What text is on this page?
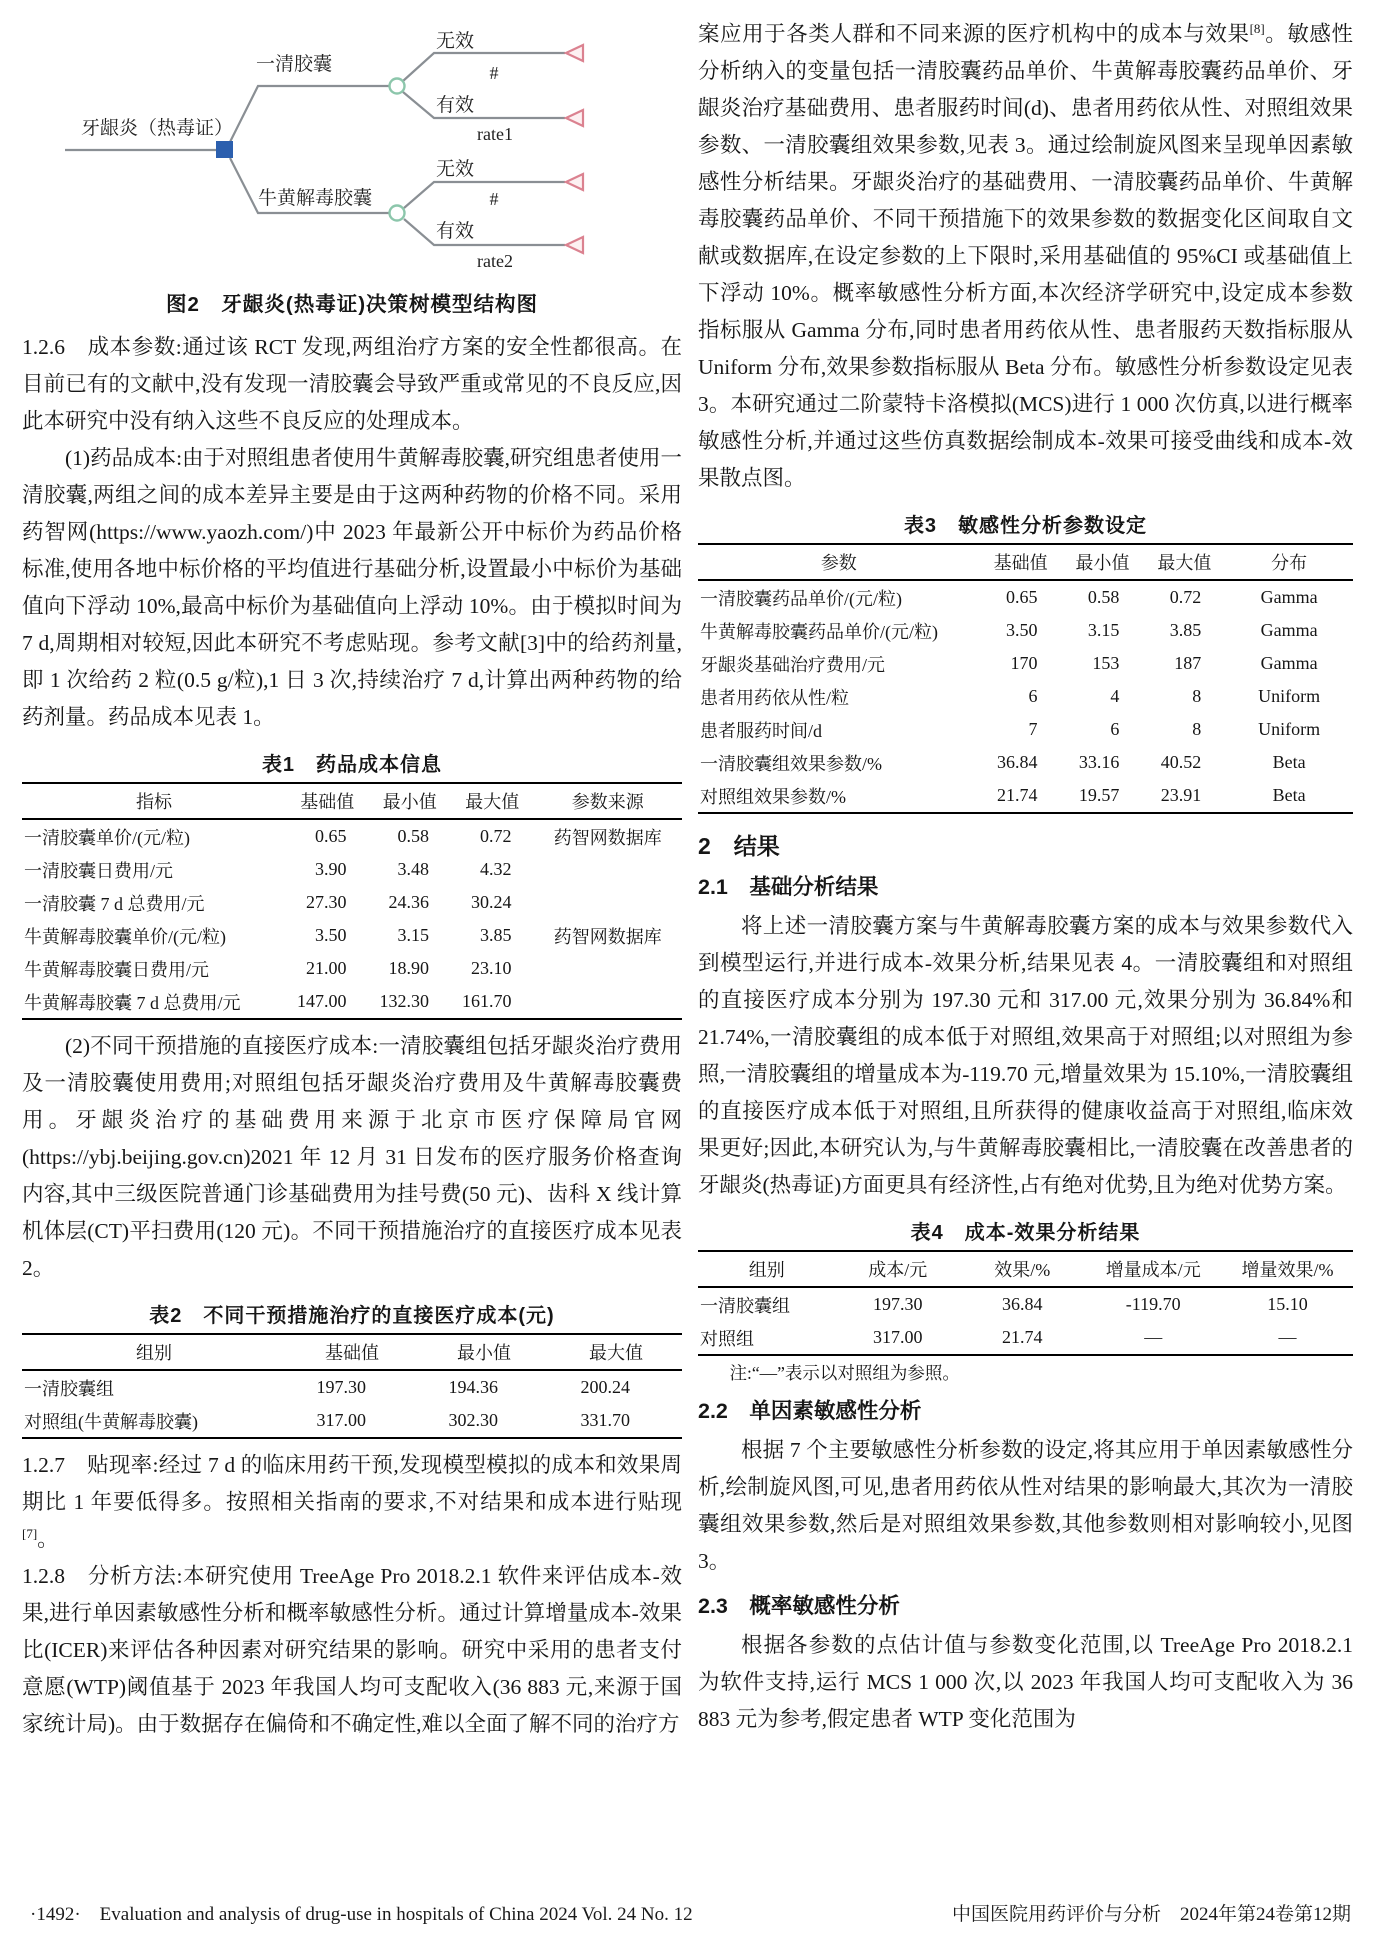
牙龈炎（热毒证）
一清胶囊
牛黄解毒胶囊
无效
有效
#
rate1
无效
有效
#
rate2
图2　牙龈炎(热毒证)决策树模型结构图

1.2.6　成本参数:通过该 RCT 发现,两组治疗方案的安全性都很高。在目前已有的文献中,没有发现一清胶囊会导致严重或常见的不良反应,因此本研究中没有纳入这些不良反应的处理成本。

(1)药品成本:由于对照组患者使用牛黄解毒胶囊,研究组患者使用一清胶囊,两组之间的成本差异主要是由于这两种药物的价格不同。采用药智网(https://www.yaozh.com/)中 2023 年最新公开中标价为药品价格标准,使用各地中标价格的平均值进行基础分析,设置最小中标价为基础值向下浮动 10%,最高中标价为基础值向上浮动 10%。由于模拟时间为 7 d,周期相对较短,因此本研究不考虑贴现。参考文献[3]中的给药剂量,即 1 次给药 2 粒(0.5 g/粒),1 日 3 次,持续治疗 7 d,计算出两种药物的给药剂量。药品成本见表 1。

表1　药品成本信息
指标	基础值	最小值	最大值	参数来源
一清胶囊单价/(元/粒)	0.65	0.58	0.72	药智网数据库
一清胶囊日费用/元	3.90	3.48	4.32	
一清胶囊 7 d 总费用/元	27.30	24.36	30.24	
牛黄解毒胶囊单价/(元/粒)	3.50	3.15	3.85	药智网数据库
牛黄解毒胶囊日费用/元	21.00	18.90	23.10	
牛黄解毒胶囊 7 d 总费用/元	147.00	132.30	161.70	

(2)不同干预措施的直接医疗成本:一清胶囊组包括牙龈炎治疗费用及一清胶囊使用费用;对照组包括牙龈炎治疗费用及牛黄解毒胶囊费用。牙龈炎治疗的基础费用来源于北京市医疗保障局官网(https://ybj.beijing.gov.cn)2021 年 12 月 31 日发布的医疗服务价格查询内容,其中三级医院普通门诊基础费用为挂号费(50 元)、齿科 X 线计算机体层(CT)平扫费用(120 元)。不同干预措施治疗的直接医疗成本见表 2。

表2　不同干预措施治疗的直接医疗成本(元)
组别	基础值	最小值	最大值
一清胶囊组	197.30	194.36	200.24
对照组(牛黄解毒胶囊)	317.00	302.30	331.70

1.2.7　贴现率:经过 7 d 的临床用药干预,发现模型模拟的成本和效果周期比 1 年要低得多。按照相关指南的要求,不对结果和成本进行贴现[7]。

1.2.8　分析方法:本研究使用 TreeAge Pro 2018.2.1 软件来评估成本-效果,进行单因素敏感性分析和概率敏感性分析。通过计算增量成本-效果比(ICER)来评估各种因素对研究结果的影响。研究中采用的患者支付意愿(WTP)阈值基于 2023 年我国人均可支配收入(36 883 元,来源于国家统计局)。由于数据存在偏倚和不确定性,难以全面了解不同的治疗方

案应用于各类人群和不同来源的医疗机构中的成本与效果[8]。敏感性分析纳入的变量包括一清胶囊药品单价、牛黄解毒胶囊药品单价、牙龈炎治疗基础费用、患者服药时间(d)、患者用药依从性、对照组效果参数、一清胶囊组效果参数,见表 3。通过绘制旋风图来呈现单因素敏感性分析结果。牙龈炎治疗的基础费用、一清胶囊药品单价、牛黄解毒胶囊药品单价、不同干预措施下的效果参数的数据变化区间取自文献或数据库,在设定参数的上下限时,采用基础值的 95%CI 或基础值上下浮动 10%。概率敏感性分析方面,本次经济学研究中,设定成本参数指标服从 Gamma 分布,同时患者用药依从性、患者服药天数指标服从 Uniform 分布,效果参数指标服从 Beta 分布。敏感性分析参数设定见表 3。本研究通过二阶蒙特卡洛模拟(MCS)进行 1 000 次仿真,以进行概率敏感性分析,并通过这些仿真数据绘制成本-效果可接受曲线和成本-效果散点图。

表3　敏感性分析参数设定
参数	基础值	最小值	最大值	分布
一清胶囊药品单价/(元/粒)	0.65	0.58	0.72	Gamma
牛黄解毒胶囊药品单价/(元/粒)	3.50	3.15	3.85	Gamma
牙龈炎基础治疗费用/元	170	153	187	Gamma
患者用药依从性/粒	6	4	8	Uniform
患者服药时间/d	7	6	8	Uniform
一清胶囊组效果参数/%	36.84	33.16	40.52	Beta
对照组效果参数/%	21.74	19.57	23.91	Beta
2　结果
2.1　基础分析结果

将上述一清胶囊方案与牛黄解毒胶囊方案的成本与效果参数代入到模型运行,并进行成本-效果分析,结果见表 4。一清胶囊组和对照组的直接医疗成本分别为 197.30 元和 317.00 元,效果分别为 36.84%和 21.74%,一清胶囊组的成本低于对照组,效果高于对照组;以对照组为参照,一清胶囊组的增量成本为-119.70 元,增量效果为 15.10%,一清胶囊组的直接医疗成本低于对照组,且所获得的健康收益高于对照组,临床效果更好;因此,本研究认为,与牛黄解毒胶囊相比,一清胶囊在改善患者的牙龈炎(热毒证)方面更具有经济性,占有绝对优势,且为绝对优势方案。

表4　成本-效果分析结果
组别	成本/元	效果/%	增量成本/元	增量效果/%
一清胶囊组	197.30	36.84	-119.70	15.10
对照组	317.00	21.74	—	—
注:“—”表示以对照组为参照。
2.2　单因素敏感性分析

根据 7 个主要敏感性分析参数的设定,将其应用于单因素敏感性分析,绘制旋风图,可见,患者用药依从性对结果的影响最大,其次为一清胶囊组效果参数,然后是对照组效果参数,其他参数则相对影响较小,见图 3。

2.3　概率敏感性分析

根据各参数的点估计值与参数变化范围,以 TreeAge Pro 2018.2.1 为软件支持,运行 MCS 1 000 次,以 2023 年我国人均可支配收入为 36 883 元为参考,假定患者 WTP 变化范围为

·1492·　Evaluation and analysis of drug-use in hospitals of China 2024 Vol. 24 No. 12	中国医院用药评价与分析　2024年第24卷第12期
